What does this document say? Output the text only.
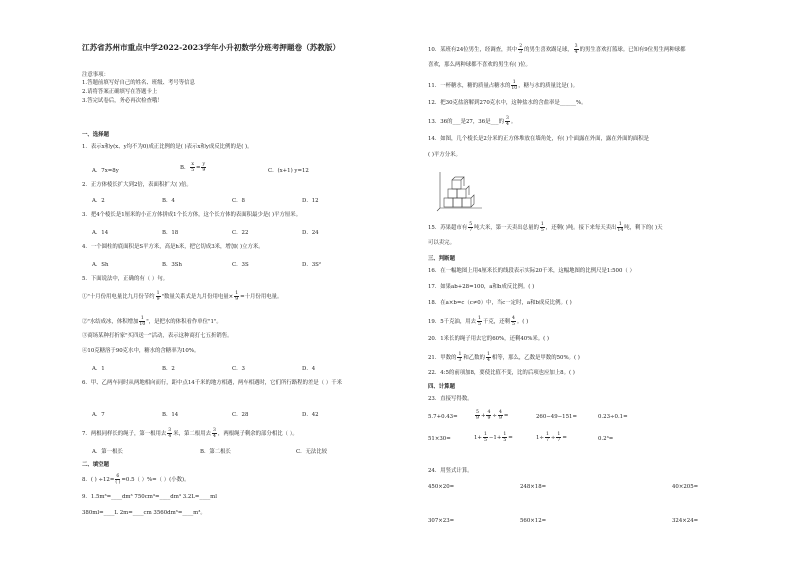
江苏省苏州市重点中学2022-2023学年小升初数学分班考押题卷（苏教版）
注意事项：
1.答题前填写好自己的姓名、班级、考号等信息
2.请将答案正确填写在答题卡上
3.答完试卷后，务必再次检查哦！
一、选择题
1．表示x和y(x、y均不为0)成正比例的是( )表示x和y成反比例的是( )。
A．7x=8y	B． $\frac{x}{5} = \frac{y}{9}$	C．(x+1) y=12
2．正方体棱长扩大到2倍，表面积扩大( )倍。
A．2	B．4	C．8	D．12
3．把4个棱长是1厘米的小正方体拼成1个长方体，这个长方体的表面积最少是( )平方厘米。
A．14	B．18	C．22	D．24
4．一个圆柱的底面积是S平方米，高是h米，把它切成3米，增加( )立方米。
A．Sh	B．3Sh	C．3S	D．3S²
5．下面说法中，正确的有（ ）句。
①"十月份用电量比九月份节约 $\frac{1}{9}$ "数量关系式是九月份用电量× $\frac{1}{9}$ =十月份用电量。
②"水结成冰，体积增加 $\frac{1}{10}$ "，是把水的体积看作单位"1"。
③商场某种打折家"买四送一"活动，表示这种商打七五折销售。
④10克糖溶于90克水中，糖水的含糖率为10%。
A．1	B．2	C．3	D．4
6．甲、乙两车同时从两地相向而行，距中点14千米的地方相遇，两车相遇时，它们所行路程的差是（ ）千米
A．7	B．14	C．28	D．42
7．两根同样长的绳子，第一根用去 $\frac{3}{4}$ 米，第二根用去 $\frac{3}{4}$ ，两根绳子剩余的部分相比（ ）。
A．第一根长	B．第二根长	C．无法比较
二、填空题
8．( ) $\div 12= \frac{6}{( )} =0.5$（ ）%=（ ）(小数)。
9．1.5m³=____dm³ 750cm³=____dm³ 3.2L=____ml
380ml=____L 2m=____cm 3560dm³=____m³。
10．某班有24位男生，经调查，其中 $\frac{2}{3}$ 的男生喜欢踢足球， $\frac{3}{4}$ 的男生喜欢打篮球。已知有9位男生两种球都
喜欢，那么两种球都不喜欢的男生有( )位。
11．一杯糖水，糖的质量占糖水的 $\frac{1}{10}$ ，糖与水的质量比是( )。
12．把30克盐溶解到270克水中，这种盐水的含盐率是______%。
13．36的___是27，36是___的 $\frac{3}{4}$ 。
14．如图，几个棱长是2分米的正方体堆放在墙角处，有( )个面露在外面，露在外面的面积是
( )平方分米。
15．苏果超市有 $\frac{5}{7}$ 吨大米，第一天卖出总量的 $\frac{1}{5}$ ，还剩( )吨。接下来每天卖出 $\frac{1}{14}$ 吨，剩下的( )天
可以卖完。
三、判断题
16．在一幅地图上用4厘米长的线段表示实际20千米，这幅地图的比例尺是1:500（ ）
17．如果ab+28=100，a和b成反比例。( )
18．在a×b=c（c≠0）中，当c一定时，a和b成反比例。( )
19．5千克油，用去 $\frac{1}{5}$ 千克，还剩 $\frac{4}{5}$ 。( )
20．1米长的绳子用去它的60%，还剩40%米。( )
21．甲数的 $\frac{1}{3}$ 和乙数的 $\frac{1}{4}$ 相等，那么，乙数是甲数的50%。( )
22．4:5的前项加8，要使比值不变，比的后项也应加上8。( )
四、计算题
23．直接写得数。
5.7+0.43=	$\frac{5}{9} + \frac{4}{9} \div \frac{4}{9}$ =	260−49−151=	0.23÷0.1=
51×30=	$1+ \frac{1}{5} -1+ \frac{1}{5}$ =	$1\div \frac{1}{7} \div \frac{1}{7}$ =	0.2³=
24．用竖式计算。
450×20=	248×18=	40×205=
307×23=	560×12=	324×24=
